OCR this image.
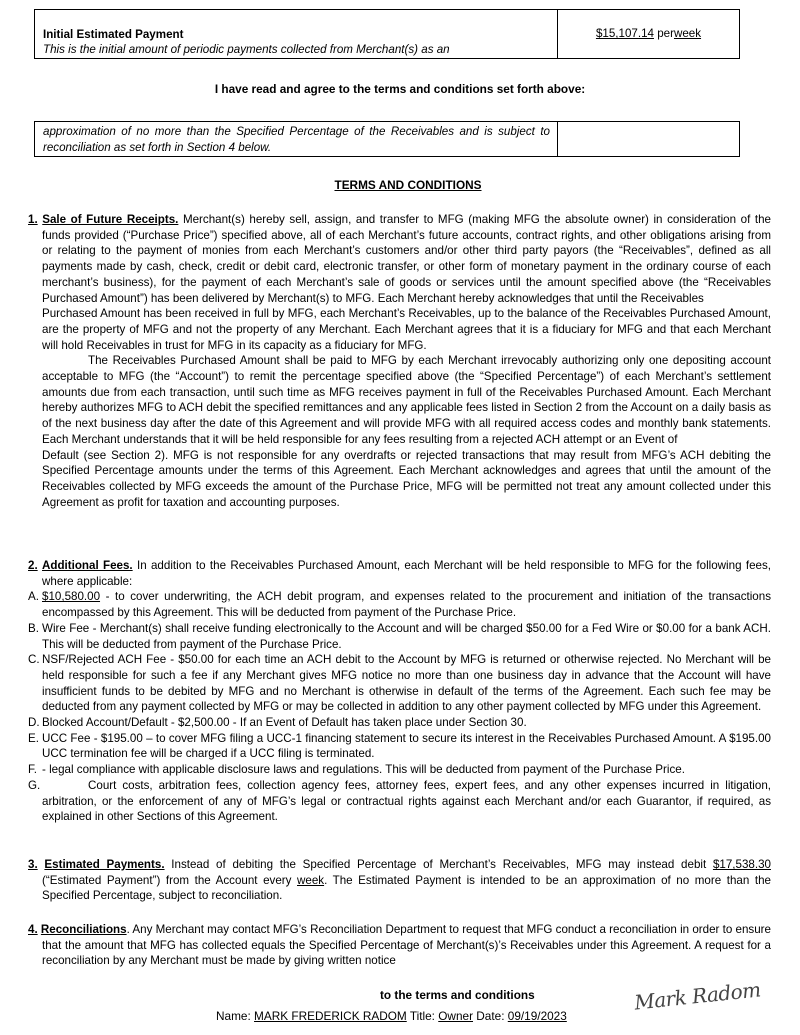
Initial Estimated Payment
This is the initial amount of periodic payments collected from Merchant(s) as an
$15,107.14 perweek
I have read and agree to the terms and conditions set forth above:
approximation of no more than the Specified Percentage of the Receivables and is subject to reconciliation as set forth in Section 4 below.
TERMS AND CONDITIONS
1. Sale of Future Receipts. Merchant(s) hereby sell, assign, and transfer to MFG (making MFG the absolute owner) in consideration of the funds provided (“Purchase Price”) specified above, all of each Merchant’s future accounts, contract rights, and other obligations arising from or relating to the payment of monies from each Merchant’s customers and/or other third party payors (the “Receivables”, defined as all payments made by cash, check, credit or debit card, electronic transfer, or other form of monetary payment in the ordinary course of each merchant’s business), for the payment of each Merchant’s sale of goods or services until the amount specified above (the “Receivables Purchased Amount”) has been delivered by Merchant(s) to MFG. Each Merchant hereby acknowledges that until the Receivables
Purchased Amount has been received in full by MFG, each Merchant’s Receivables, up to the balance of the Receivables Purchased Amount, are the property of MFG and not the property of any Merchant. Each Merchant agrees that it is a fiduciary for MFG and that each Merchant will hold Receivables in trust for MFG in its capacity as a fiduciary for MFG.
The Receivables Purchased Amount shall be paid to MFG by each Merchant irrevocably authorizing only one depositing account acceptable to MFG (the “Account”) to remit the percentage specified above (the “Specified Percentage”) of each Merchant’s settlement amounts due from each transaction, until such time as MFG receives payment in full of the Receivables Purchased Amount. Each Merchant hereby authorizes MFG to ACH debit the specified remittances and any applicable fees listed in Section 2 from the Account on a daily basis as of the next business day after the date of this Agreement and will provide MFG with all required access codes and monthly bank statements. Each Merchant understands that it will be held responsible for any fees resulting from a rejected ACH attempt or an Event of
Default (see Section 2). MFG is not responsible for any overdrafts or rejected transactions that may result from MFG’s ACH debiting the Specified Percentage amounts under the terms of this Agreement. Each Merchant acknowledges and agrees that until the amount of the Receivables collected by MFG exceeds the amount of the Purchase Price, MFG will be permitted not treat any amount collected under this Agreement as profit for taxation and accounting purposes.
2. Additional Fees. In addition to the Receivables Purchased Amount, each Merchant will be held responsible to MFG for the following fees, where applicable:
A. $10,580.00 - to cover underwriting, the ACH debit program, and expenses related to the procurement and initiation of the transactions encompassed by this Agreement. This will be deducted from payment of the Purchase Price.
B. Wire Fee - Merchant(s) shall receive funding electronically to the Account and will be charged $50.00 for a Fed Wire or $0.00 for a bank ACH. This will be deducted from payment of the Purchase Price.
C. NSF/Rejected ACH Fee - $50.00 for each time an ACH debit to the Account by MFG is returned or otherwise rejected. No Merchant will be held responsible for such a fee if any Merchant gives MFG notice no more than one business day in advance that the Account will have insufficient funds to be debited by MFG and no Merchant is otherwise in default of the terms of the Agreement. Each such fee may be deducted from any payment collected by MFG or may be collected in addition to any other payment collected by MFG under this Agreement.
D. Blocked Account/Default - $2,500.00 - If an Event of Default has taken place under Section 30.
E. UCC Fee - $195.00 – to cover MFG filing a UCC-1 financing statement to secure its interest in the Receivables Purchased Amount. A $195.00 UCC termination fee will be charged if a UCC filing is terminated.
F. - legal compliance with applicable disclosure laws and regulations. This will be deducted from payment of the Purchase Price.
G.	Court costs, arbitration fees, collection agency fees, attorney fees, expert fees, and any other expenses incurred in litigation, arbitration, or the enforcement of any of MFG’s legal or contractual rights against each Merchant and/or each Guarantor, if required, as explained in other Sections of this Agreement.
3. Estimated Payments. Instead of debiting the Specified Percentage of Merchant’s Receivables, MFG may instead debit $17,538.30 (“Estimated Payment”) from the Account every week. The Estimated Payment is intended to be an approximation of no more than the Specified Percentage, subject to reconciliation.
4. Reconciliations. Any Merchant may contact MFG’s Reconciliation Department to request that MFG conduct a reconciliation in order to ensure that the amount that MFG has collected equals the Specified Percentage of Merchant(s)’s Receivables under this Agreement. A request for a reconciliation by any Merchant must be made by giving written notice
to the terms and conditions
Name: MARK FREDERICK RADOM Title: Owner Date: 09/19/2023
Mark Radom
